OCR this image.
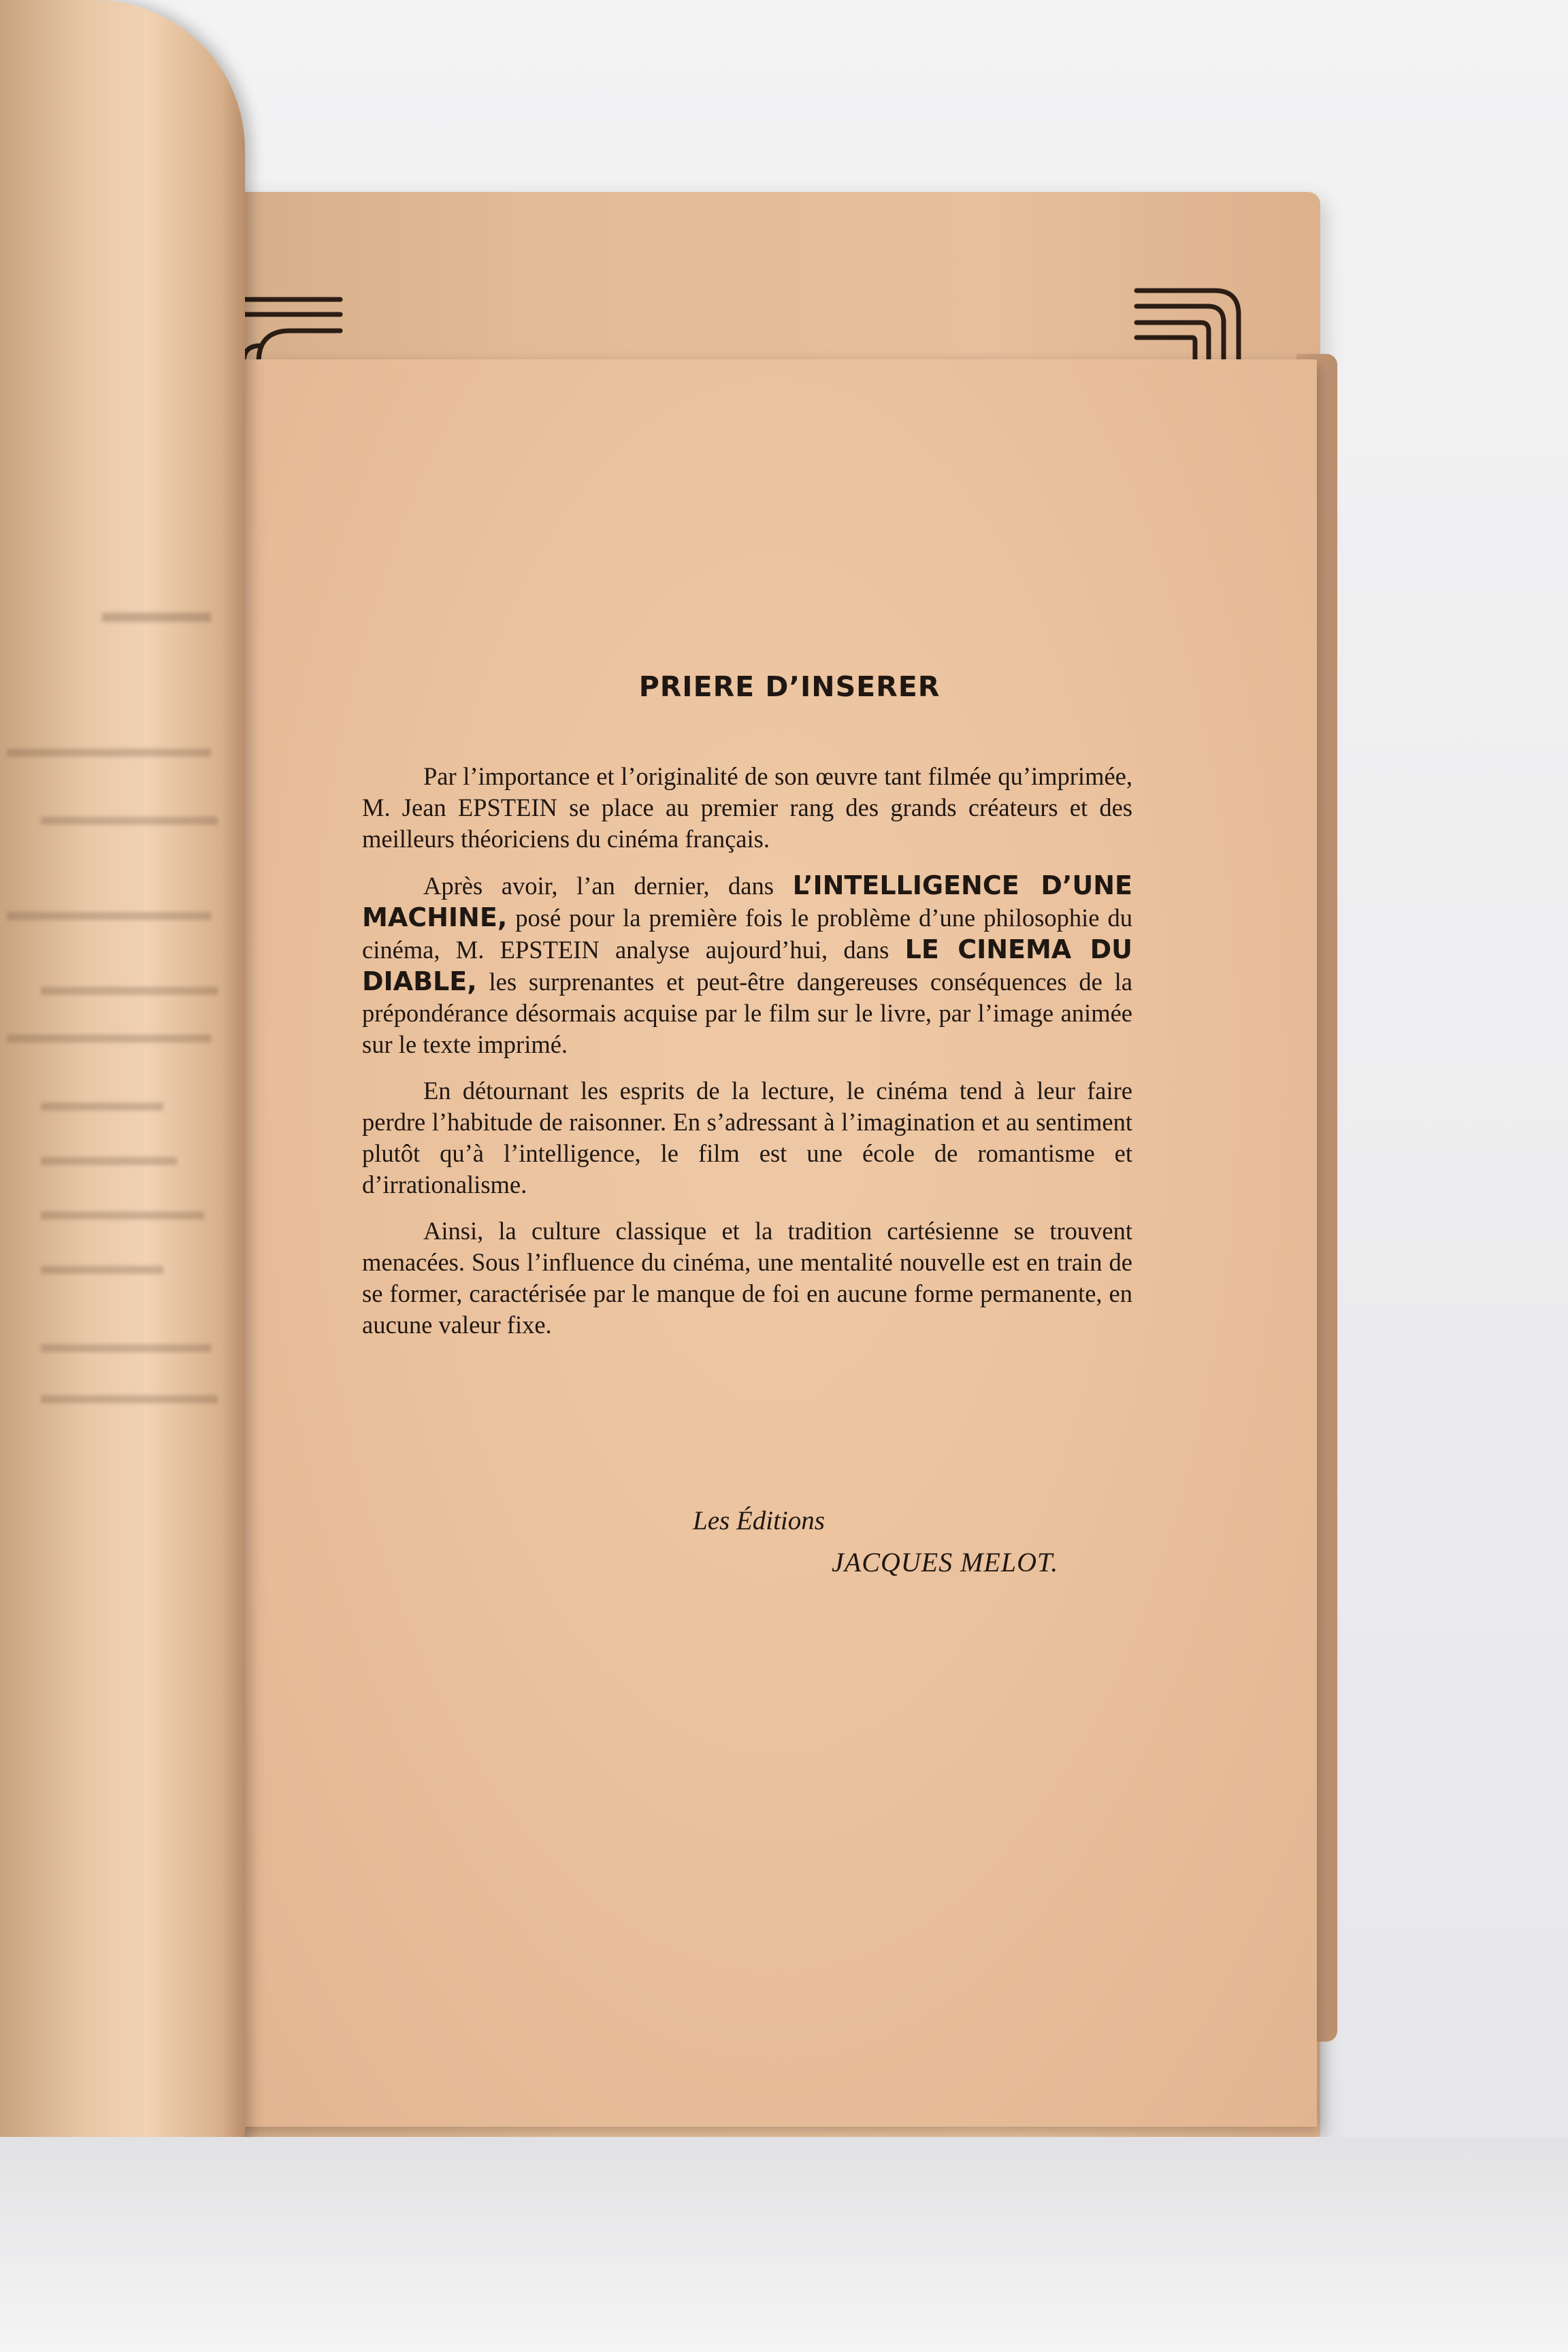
PRIERE D’INSERER

Par l’importance et l’originalité de son œuvre tant filmée qu’imprimée, M. Jean EPSTEIN se place au premier rang des grands créateurs et des meilleurs théoriciens du cinéma français.

Après avoir, l’an dernier, dans L’INTELLIGENCE D’UNE MACHINE, posé pour la première fois le problème d’une philosophie du cinéma, M. EPSTEIN analyse aujourd’hui, dans LE CINEMA DU DIABLE, les surprenantes et peut-être dangereuses conséquences de la prépondérance désormais acquise par le film sur le livre, par l’image animée sur le texte imprimé.

En détournant les esprits de la lecture, le cinéma tend à leur faire perdre l’habitude de raisonner. En s’adressant à l’imagination et au sentiment plutôt qu’à l’intelligence, le film est une école de romantisme et d’irrationalisme.

Ainsi, la culture classique et la tradition cartésienne se trouvent menacées. Sous l’influence du cinéma, une mentalité nouvelle est en train de se former, caractérisée par le manque de foi en aucune forme permanente, en aucune valeur fixe.

Les Éditions
JACQUES MELOT.
